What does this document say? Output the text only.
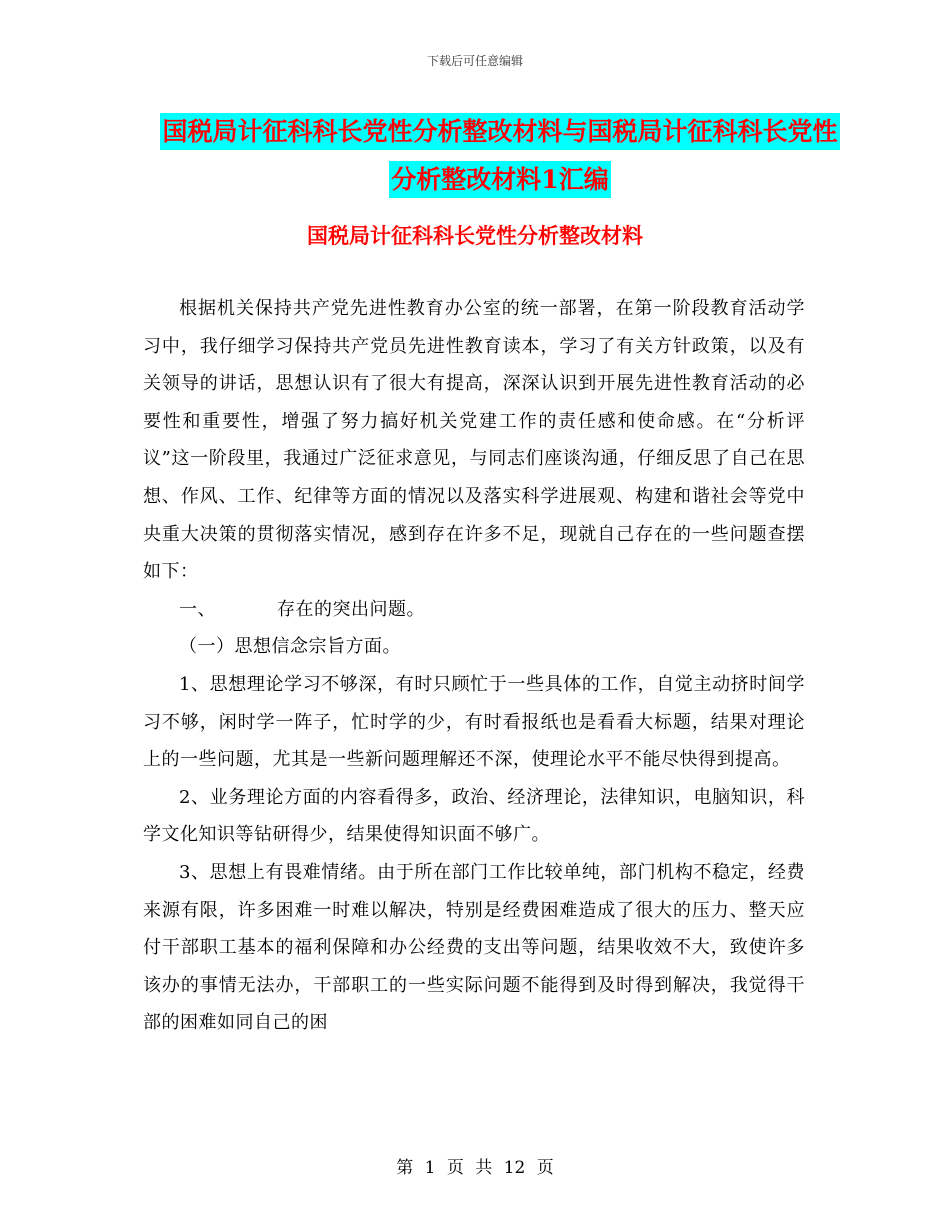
下载后可任意编辑
国税局计征科科长党性分析整改材料与国税局计征科科长党性分析整改材料1汇编
国税局计征科科长党性分析整改材料

根据机关保持共产党先进性教育办公室的统一部署，在第一阶段教育活动学习中，我仔细学习保持共产党员先进性教育读本，学习了有关方针政策，以及有关领导的讲话，思想认识有了很大有提高，深深认识到开展先进性教育活动的必要性和重要性，增强了努力搞好机关党建工作的责任感和使命感。在“分析评议”这一阶段里，我通过广泛征求意见，与同志们座谈沟通，仔细反思了自己在思想、作风、工作、纪律等方面的情况以及落实科学进展观、构建和谐社会等党中央重大决策的贯彻落实情况，感到存在许多不足，现就自己存在的一些问题查摆如下：

一、	存在的突出问题。

（一）思想信念宗旨方面。

1、思想理论学习不够深，有时只顾忙于一些具体的工作，自觉主动挤时间学习不够，闲时学一阵子，忙时学的少，有时看报纸也是看看大标题，结果对理论上的一些问题，尤其是一些新问题理解还不深，使理论水平不能尽快得到提高。

2、业务理论方面的内容看得多，政治、经济理论，法律知识，电脑知识，科学文化知识等钻研得少，结果使得知识面不够广。

3、思想上有畏难情绪。由于所在部门工作比较单纯，部门机构不稳定，经费来源有限，许多困难一时难以解决，特别是经费困难造成了很大的压力、整天应付干部职工基本的福利保障和办公经费的支出等问题，结果收效不大，致使许多该办的事情无法办，干部职工的一些实际问题不能得到及时得到解决，我觉得干部的困难如同自己的困

第 1 页 共 12 页
